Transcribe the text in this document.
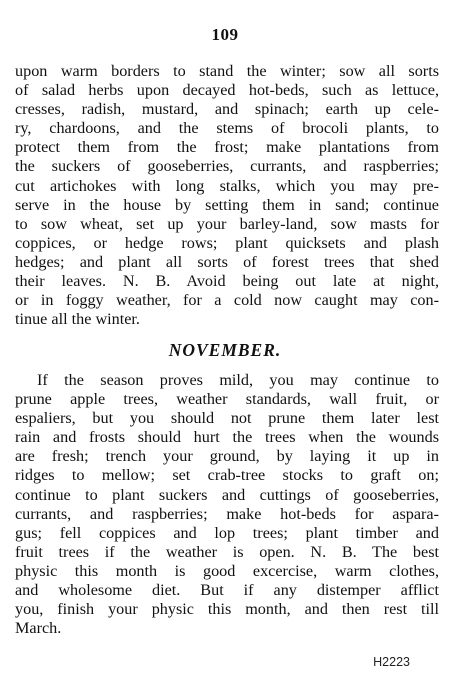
109
upon warm borders to stand the winter; sow all sorts
of salad herbs upon decayed hot-beds, such as lettuce,
cresses, radish, mustard, and spinach; earth up cele-
ry, chardoons, and the stems of brocoli plants, to
protect them from the frost; make plantations from
the suckers of gooseberries, currants, and raspberries;
cut artichokes with long stalks, which you may pre-
serve in the house by setting them in sand; continue
to sow wheat, set up your barley-land, sow masts for
coppices, or hedge rows; plant quicksets and plash
hedges; and plant all sorts of forest trees that shed
their leaves. N. B. Avoid being out late at night,
or in foggy weather, for a cold now caught may con-
tinue all the winter.
NOVEMBER.
If the season proves mild, you may continue to
prune apple trees, weather standards, wall fruit, or
espaliers, but you should not prune them later lest
rain and frosts should hurt the trees when the wounds
are fresh; trench your ground, by laying it up in
ridges to mellow; set crab-tree stocks to graft on;
continue to plant suckers and cuttings of gooseberries,
currants, and raspberries; make hot-beds for aspara-
gus; fell coppices and lop trees; plant timber and
fruit trees if the weather is open. N. B. The best
physic this month is good excercise, warm clothes,
and wholesome diet. But if any distemper afflict
you, finish your physic this month, and then rest till
March.
H2223
